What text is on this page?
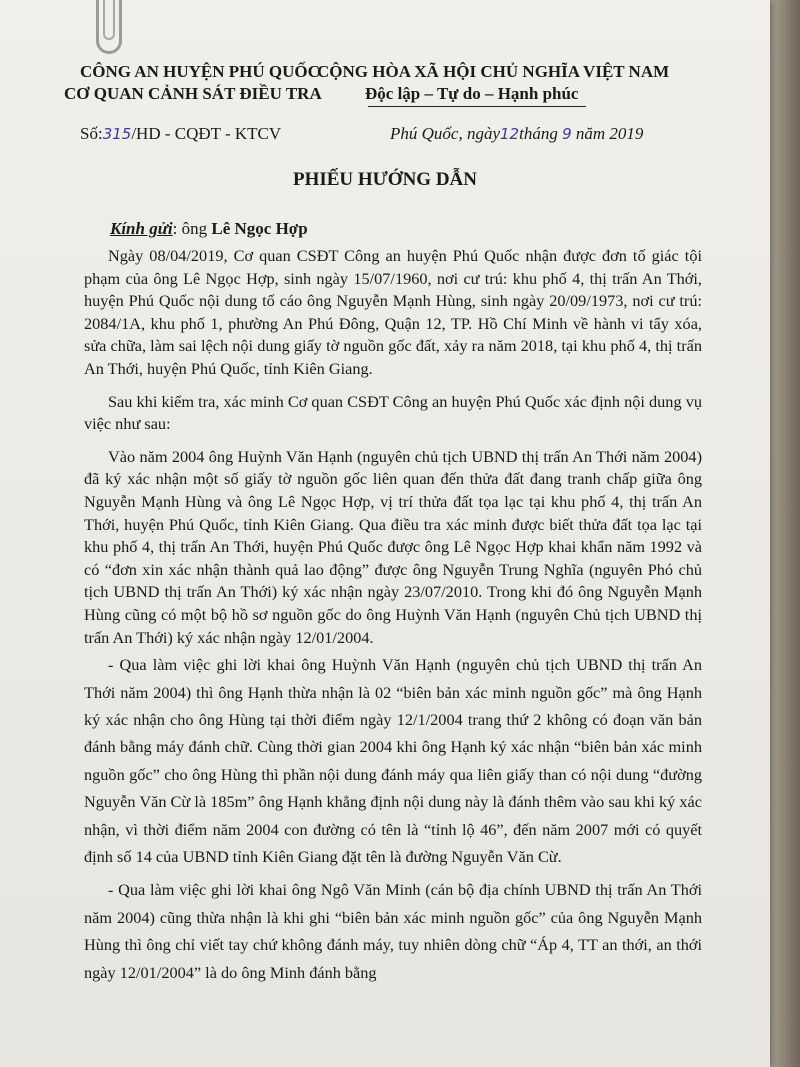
CÔNG AN HUYỆN PHÚ QUỐC
CƠ QUAN CẢNH SÁT ĐIỀU TRA
CỘNG HÒA XÃ HỘI CHỦ NGHĨA VIỆT NAM
Độc lập – Tự do – Hạnh phúc
Số:315/HD - CQĐT - KTCV	Phú Quốc, ngày12tháng 9 năm 2019
PHIẾU HƯỚNG DẪN
Kính gửi: ông Lê Ngọc Hợp

Ngày 08/04/2019, Cơ quan CSĐT Công an huyện Phú Quốc nhận được đơn tố giác tội phạm của ông Lê Ngọc Hợp, sinh ngày 15/07/1960, nơi cư trú: khu phố 4, thị trấn An Thới, huyện Phú Quốc nội dung tố cáo ông Nguyễn Mạnh Hùng, sinh ngày 20/09/1973, nơi cư trú: 2084/1A, khu phố 1, phường An Phú Đông, Quận 12, TP. Hồ Chí Minh về hành vi tẩy xóa, sửa chữa, làm sai lệch nội dung giấy tờ nguồn gốc đất, xảy ra năm 2018, tại khu phố 4, thị trấn An Thới, huyện Phú Quốc, tỉnh Kiên Giang.

Sau khi kiểm tra, xác minh Cơ quan CSĐT Công an huyện Phú Quốc xác định nội dung vụ việc như sau:

Vào năm 2004 ông Huỳnh Văn Hạnh (nguyên chủ tịch UBND thị trấn An Thới năm 2004) đã ký xác nhận một số giấy tờ nguồn gốc liên quan đến thửa đất đang tranh chấp giữa ông Nguyễn Mạnh Hùng và ông Lê Ngọc Hợp, vị trí thửa đất tọa lạc tại khu phố 4, thị trấn An Thới, huyện Phú Quốc, tỉnh Kiên Giang. Qua điều tra xác minh được biết thửa đất tọa lạc tại khu phố 4, thị trấn An Thới, huyện Phú Quốc được ông Lê Ngọc Hợp khai khẩn năm 1992 và có “đơn xin xác nhận thành quả lao động” được ông Nguyễn Trung Nghĩa (nguyên Phó chủ tịch UBND thị trấn An Thới) ký xác nhận ngày 23/07/2010. Trong khi đó ông Nguyễn Mạnh Hùng cũng có một bộ hồ sơ nguồn gốc do ông Huỳnh Văn Hạnh (nguyên Chủ tịch UBND thị trấn An Thới) ký xác nhận ngày 12/01/2004.

- Qua làm việc ghi lời khai ông Huỳnh Văn Hạnh (nguyên chủ tịch UBND thị trấn An Thới năm 2004) thì ông Hạnh thừa nhận là 02 “biên bản xác minh nguồn gốc” mà ông Hạnh ký xác nhận cho ông Hùng tại thời điểm ngày 12/1/2004 trang thứ 2 không có đoạn văn bản đánh bằng máy đánh chữ. Cùng thời gian 2004 khi ông Hạnh ký xác nhận “biên bản xác minh nguồn gốc” cho ông Hùng thì phần nội dung đánh máy qua liên giấy than có nội dung “đường Nguyễn Văn Cừ là 185m” ông Hạnh khẳng định nội dung này là đánh thêm vào sau khi ký xác nhận, vì thời điểm năm 2004 con đường có tên là “tỉnh lộ 46”, đến năm 2007 mới có quyết định số 14 của UBND tỉnh Kiên Giang đặt tên là đường Nguyễn Văn Cừ.

- Qua làm việc ghi lời khai ông Ngô Văn Minh (cán bộ địa chính UBND thị trấn An Thới năm 2004) cũng thừa nhận là khi ghi “biên bản xác minh nguồn gốc” của ông Nguyễn Mạnh Hùng thì ông chỉ viết tay chứ không đánh máy, tuy nhiên dòng chữ “Áp 4, TT an thới, an thới ngày 12/01/2004” là do ông Minh đánh bằng
